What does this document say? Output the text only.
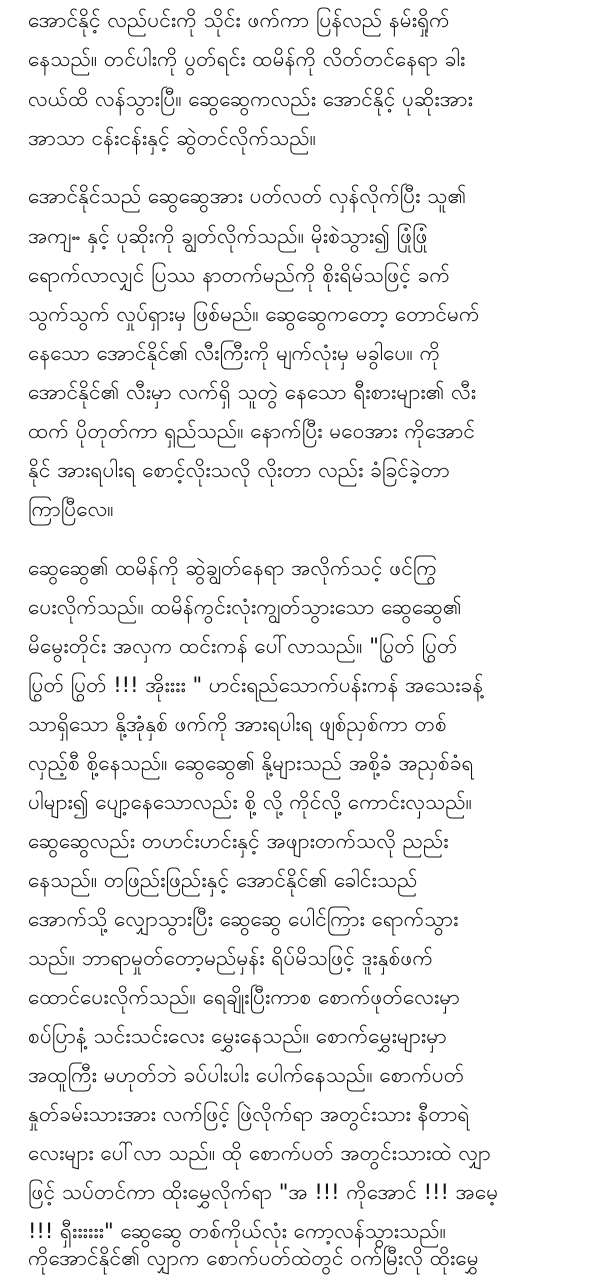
အောင်နိုင့် လည်ပင်းကို သိုင်း ဖက်ကာ ပြန်လည် နမ်းရှိုက်
နေသည်။ တင်ပါးကို ပွတ်ရင်း ထမိန်ကို လိတ်တင်နေရာ ခါး
လယ်ထိ လန်သွားပြီ။ ဆွေဆွေကလည်း အောင်နိုင့် ပုဆိုးအား
အာသာ ငန်းငန်းနှင့် ဆွဲတင်လိုက်သည်။
အောင်နိုင်သည် ဆွေဆွေအား ပတ်လတ် လှန်လိုက်ပြီး သူ၏
အကျႌ နှင့် ပုဆိုးကို ချွတ်လိုက်သည်။ မိုးစဲသွား၍ ဖြုံဖြုံ
ရောက်လာလျှင် ပြဿ နာတက်မည်ကို စိုးရိမ်သဖြင့် ခက်
သွက်သွက် လှုပ်ရှားမှ ဖြစ်မည်။ ဆွေဆွေကတော့ တောင်မက်
နေသော အောင်နိုင်၏ လီးကြီးကို မျက်လုံးမှ မခွါပေ။ ကို
အောင်နိုင်၏ လီးမှာ လက်ရှိ သူတွဲ နေသော ရီးစားများ၏ လီး
ထက် ပိုတုတ်ကာ ရှည်သည်။ နောက်ပြီး မဝေအား ကိုအောင်
နိုင် အားရပါးရ စောင့်လိုးသလို လိုးတာ လည်း ခံခြင်ခဲ့တာ
ကြာပြီလေ။
ဆွေဆွေ၏ ထမိန်ကို ဆွဲချွတ်နေရာ အလိုက်သင့် ဖင်ကြွ
ပေးလိုက်သည်။ ထမိန်ကွင်းလုံးကျွတ်သွားသော ဆွေဆွေ၏
မိမွေးတိုင်း အလှက ထင်းကန် ပေါ်လာသည်။ "ပြွတ် ပြွတ်
ပြွတ် ပြွတ် !!! အိုးးးး " ဟင်းရည်သောက်ပန်းကန် အသေးခန့်
သာရှိသော နို့အုံနှစ် ဖက်ကို အားရပါးရ ဖျစ်ညှစ်ကာ တစ်
လှည့်စီ စို့နေသည်။ ဆွေဆွေ၏ နို့များသည် အစို့ခံ အညှစ်ခံရ
ပါများ၍ ပျော့နေသောလည်း စို့ လို့ ကိုင်လို့ ကောင်းလှသည်။
ဆွေဆွေလည်း တဟင်းဟင်းနှင့် အဖျားတက်သလို ညည်း
နေသည်။ တဖြည်းဖြည်းနှင့် အောင်နိုင်၏ ခေါင်းသည်
အောက်သို့ လျှောသွားပြီး ဆွေဆွေ ပေါင်ကြား ရောက်သွား
သည်။ ဘာရာမှုတ်တော့မည်မှန်း ရိပ်မိသဖြင့် ဒူးနှစ်ဖက်
ထောင်ပေးလိုက်သည်။ ရေချိုးပြီးကာစ စောက်ဖုတ်လေးမှာ
စပ်ပြာနံ့ သင်းသင်းလေး မွှေးနေသည်။ စောက်မွှေးများမှာ
အထူကြီး မဟုတ်ဘဲ ခပ်ပါးပါး ပေါက်နေသည်။ စောက်ပတ်
နှုတ်ခမ်းသားအား လက်ဖြင့် ဖြဲလိုက်ရာ အတွင်းသား နီတာရဲ
လေးများ ပေါ်လာ သည်။ ထို စောက်ပတ် အတွင်းသားထဲ လျှာ
ဖြင့် သပ်တင်ကာ ထိုးမွှေလိုက်ရာ "အ !!! ကိုအောင် !!! အမေ့
!!! ရှီးးးးးး" ဆွေဆွေ တစ်ကိုယ်လုံး ကော့လန်သွားသည်။
ကိုအောင်နိုင်၏ လျှာက စောက်ပတ်ထဲတွင် ဝက်မြီးလို ထိုးမွှေ
